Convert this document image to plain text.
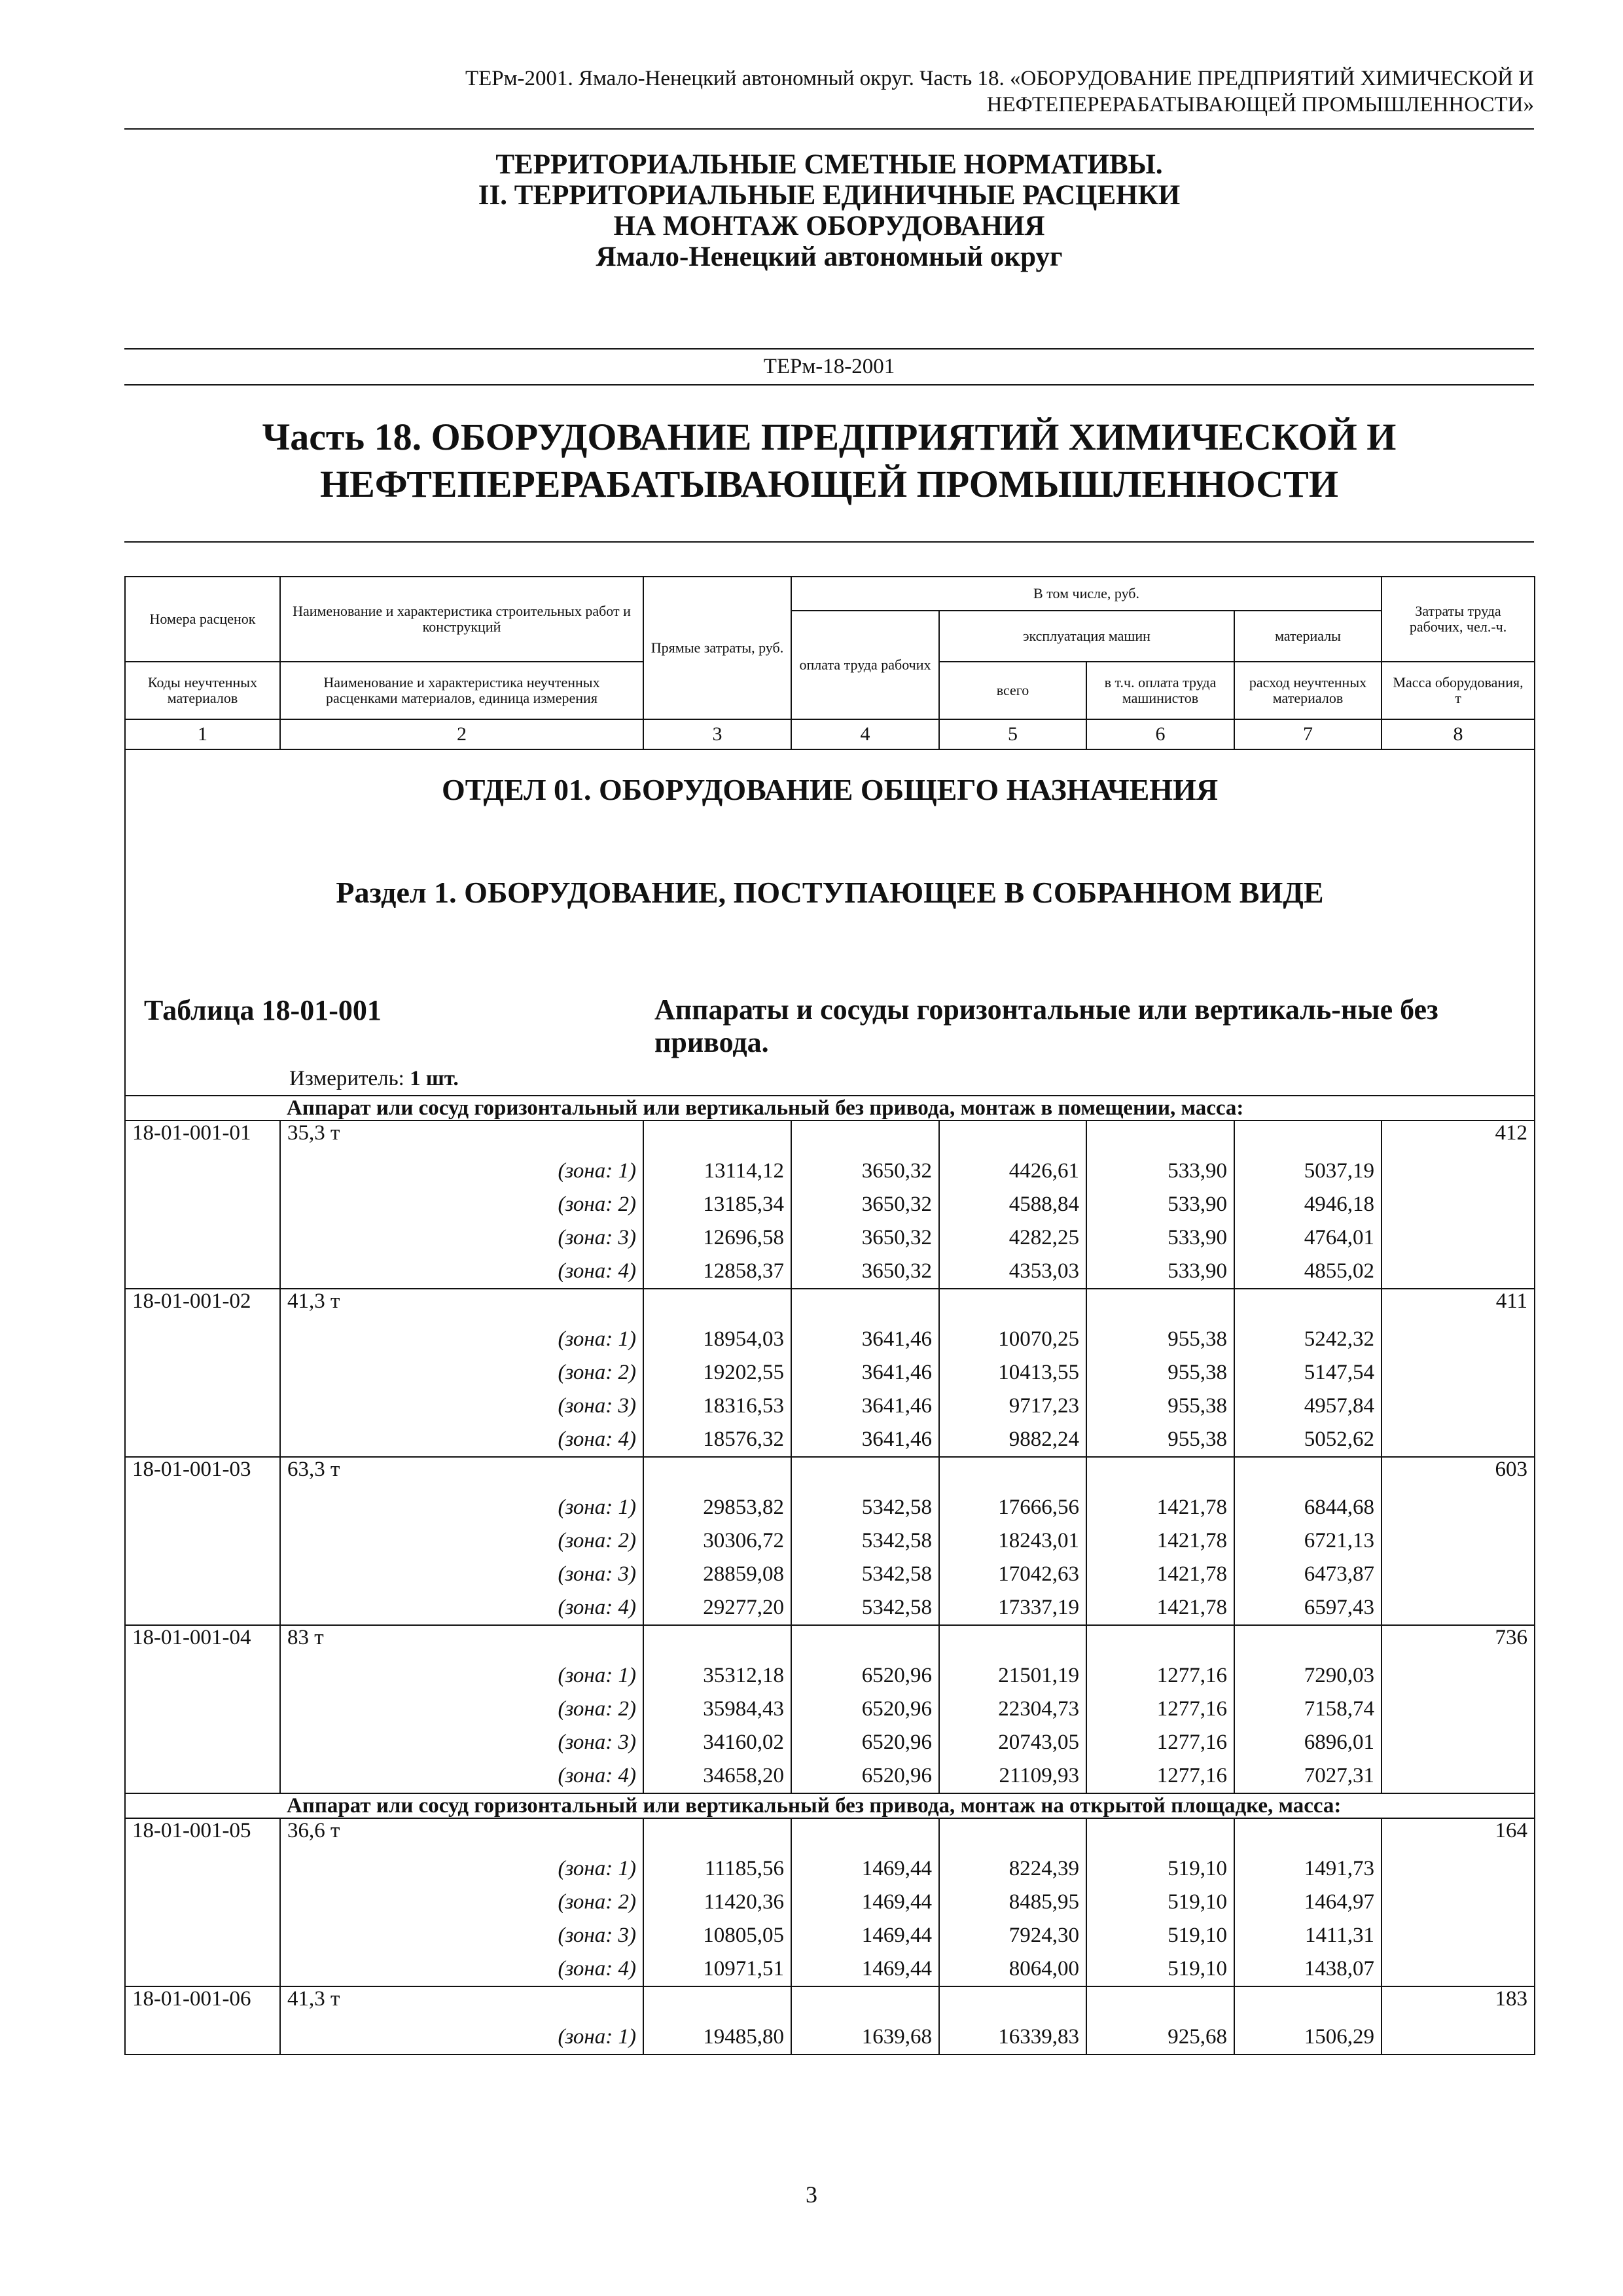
ТЕРм-2001. Ямало-Ненецкий автономный округ. Часть 18. «ОБОРУДОВАНИЕ ПРЕДПРИЯТИЙ ХИМИЧЕСКОЙ И
НЕФТЕПЕРЕРАБАТЫВАЮЩЕЙ ПРОМЫШЛЕННОСТИ»
ТЕРРИТОРИАЛЬНЫЕ СМЕТНЫЕ НОРМАТИВЫ.
II. ТЕРРИТОРИАЛЬНЫЕ ЕДИНИЧНЫЕ РАСЦЕНКИ
НА МОНТАЖ ОБОРУДОВАНИЯ
Ямало-Ненецкий автономный округ
ТЕРм-18-2001
Часть 18. ОБОРУДОВАНИЕ ПРЕДПРИЯТИЙ ХИМИЧЕСКОЙ И
НЕФТЕПЕРЕРАБАТЫВАЮЩЕЙ ПРОМЫШЛЕННОСТИ
Номера расценок	Наименование и характеристика строительных работ и конструкций	Прямые затраты, руб.	В том числе, руб.				Затраты труда рабочих, чел.-ч.
			оплата труда рабочих	эксплуатация машин		материалы	
Коды неучтенных материалов	Наименование и характеристика неучтенных расценками материалов, единица измерения			всего	в т.ч. оплата труда машинистов	расход неучтенных материалов	Масса оборудования, т
1	2	3	4	5	6	7	8

ОТДЕЛ 01. ОБОРУДОВАНИЕ ОБЩЕГО НАЗНАЧЕНИЯ
Раздел 1. ОБОРУДОВАНИЕ, ПОСТУПАЮЩЕЕ В СОБРАННОМ ВИДЕ
Таблица 18-01-001 Аппараты и сосуды горизонтальные или вертикаль-ные без привода.
Измеритель: 1 шт.							

	Аппарат или сосуд горизонтальный или вертикальный без привода, монтаж в помещении, масса:						
18-01-001-01	35,3 т						412
	(зона: 1)	13114,12	3650,32	4426,61	533,90	5037,19	
	(зона: 2)	13185,34	3650,32	4588,84	533,90	4946,18	
	(зона: 3)	12696,58	3650,32	4282,25	533,90	4764,01	
	(зона: 4)	12858,37	3650,32	4353,03	533,90	4855,02	
18-01-001-02	41,3 т						411
	(зона: 1)	18954,03	3641,46	10070,25	955,38	5242,32	
	(зона: 2)	19202,55	3641,46	10413,55	955,38	5147,54	
	(зона: 3)	18316,53	3641,46	9717,23	955,38	4957,84	
	(зона: 4)	18576,32	3641,46	9882,24	955,38	5052,62	
18-01-001-03	63,3 т						603
	(зона: 1)	29853,82	5342,58	17666,56	1421,78	6844,68	
	(зона: 2)	30306,72	5342,58	18243,01	1421,78	6721,13	
	(зона: 3)	28859,08	5342,58	17042,63	1421,78	6473,87	
	(зона: 4)	29277,20	5342,58	17337,19	1421,78	6597,43	
18-01-001-04	83 т						736
	(зона: 1)	35312,18	6520,96	21501,19	1277,16	7290,03	
	(зона: 2)	35984,43	6520,96	22304,73	1277,16	7158,74	
	(зона: 3)	34160,02	6520,96	20743,05	1277,16	6896,01	
	(зона: 4)	34658,20	6520,96	21109,93	1277,16	7027,31	
	Аппарат или сосуд горизонтальный или вертикальный без привода, монтаж на открытой площадке, масса:						
18-01-001-05	36,6 т						164
	(зона: 1)	11185,56	1469,44	8224,39	519,10	1491,73	
	(зона: 2)	11420,36	1469,44	8485,95	519,10	1464,97	
	(зона: 3)	10805,05	1469,44	7924,30	519,10	1411,31	
	(зона: 4)	10971,51	1469,44	8064,00	519,10	1438,07	
18-01-001-06	41,3 т						183
	(зона: 1)	19485,80	1639,68	16339,83	925,68	1506,29	
3
